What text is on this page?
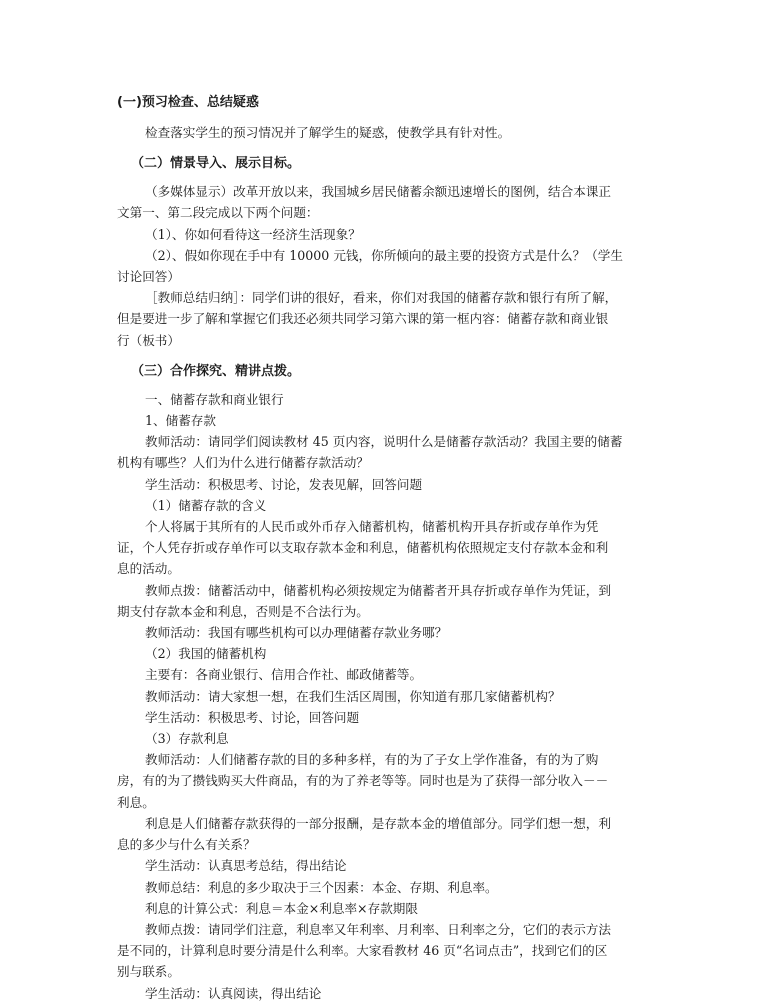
(一)预习检查、总结疑惑

检查落实学生的预习情况并了解学生的疑惑，使教学具有针对性。

（二）情景导入、展示目标。

（多媒体显示）改革开放以来，我国城乡居民储蓄余额迅速增长的图例，结合本课正

文第一、第二段完成以下两个问题：

（1）、你如何看待这一经济生活现象？

（2）、假如你现在手中有 10000 元钱，你所倾向的最主要的投资方式是什么？（学生

讨论回答）

［教师总结归纳］：同学们讲的很好，看来，你们对我国的储蓄存款和银行有所了解，

但是要进一步了解和掌握它们我还必须共同学习第六课的第一框内容：储蓄存款和商业银

行（板书）

（三）合作探究、精讲点拨。

一、储蓄存款和商业银行

1、储蓄存款

教师活动：请同学们阅读教材 45 页内容，说明什么是储蓄存款活动？我国主要的储蓄

机构有哪些？人们为什么进行储蓄存款活动？

学生活动：积极思考、讨论，发表见解，回答问题

（1）储蓄存款的含义

个人将属于其所有的人民币或外币存入储蓄机构，储蓄机构开具存折或存单作为凭

证，个人凭存折或存单作可以支取存款本金和利息，储蓄机构依照规定支付存款本金和利

息的活动。

教师点拨：储蓄活动中，储蓄机构必须按规定为储蓄者开具存折或存单作为凭证，到

期支付存款本金和利息，否则是不合法行为。

教师活动：我国有哪些机构可以办理储蓄存款业务哪？

（2）我国的储蓄机构

主要有：各商业银行、信用合作社、邮政储蓄等。

教师活动：请大家想一想，在我们生活区周围，你知道有那几家储蓄机构？

学生活动：积极思考、讨论，回答问题

（3）存款利息

教师活动：人们储蓄存款的目的多种多样，有的为了子女上学作准备，有的为了购

房，有的为了攒钱购买大件商品，有的为了养老等等。同时也是为了获得一部分收入－－

利息。

利息是人们储蓄存款获得的一部分报酬，是存款本金的增值部分。同学们想一想，利

息的多少与什么有关系？

学生活动：认真思考总结，得出结论

教师总结：利息的多少取决于三个因素：本金、存期、利息率。

利息的计算公式：利息＝本金×利息率×存款期限

教师点拨：请同学们注意，利息率又年利率、月利率、日利率之分，它们的表示方法

是不同的，计算利息时要分清是什么利率。大家看教材 46 页“名词点击”，找到它们的区

别与联系。

学生活动：认真阅读，得出结论
